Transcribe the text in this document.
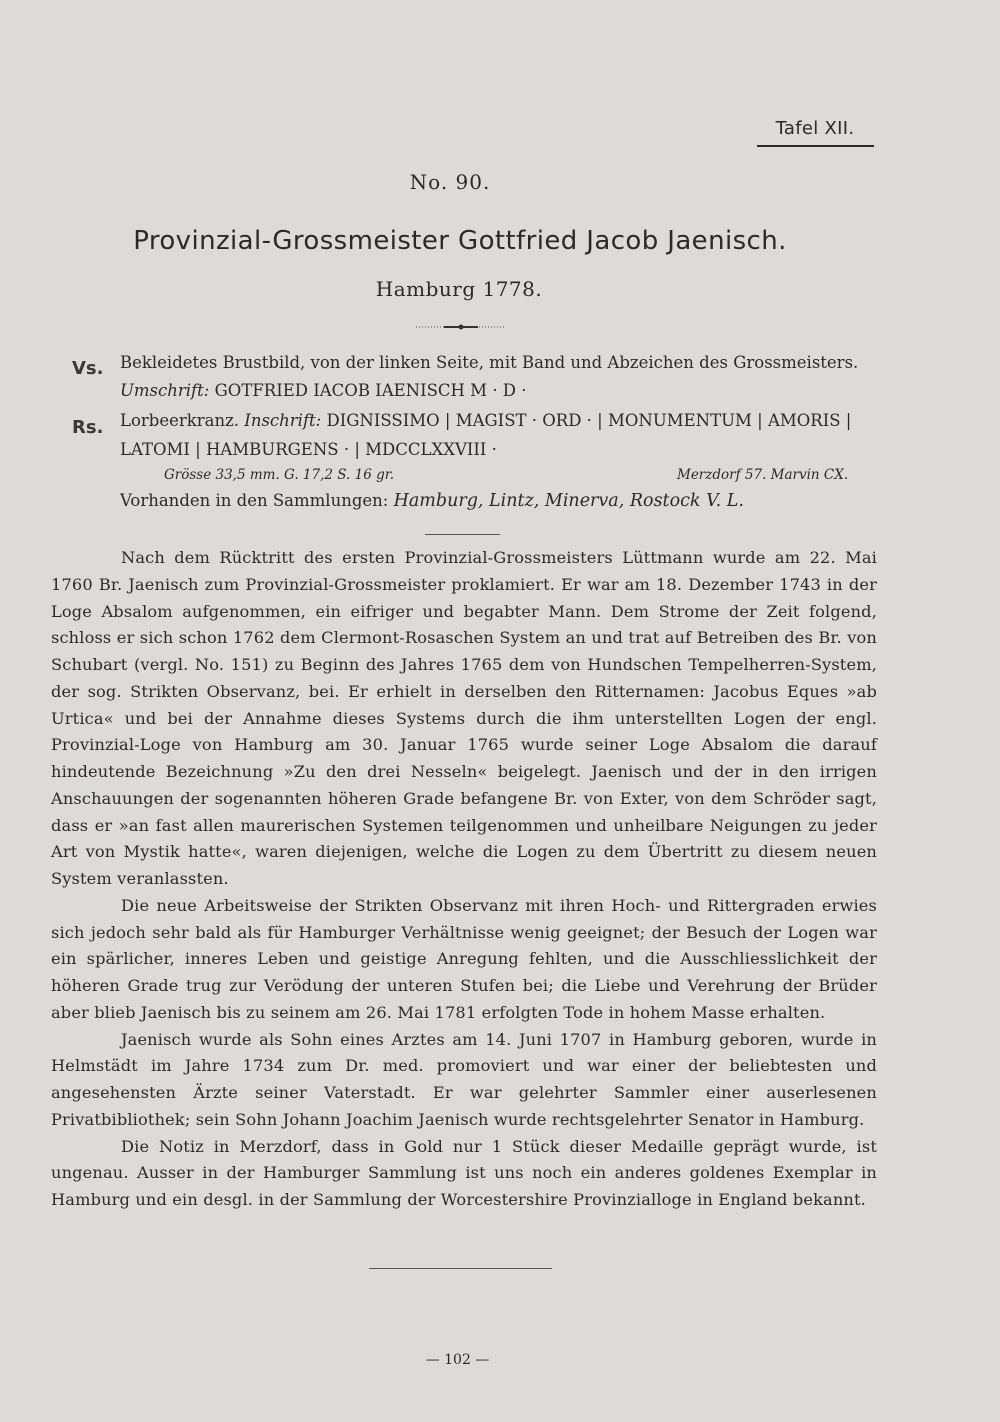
Tafel XII.
No. 90.
Provinzial-Grossmeister Gottfried Jacob Jaenisch.
Hamburg 1778.
Vs. Bekleidetes Brustbild, von der linken Seite, mit Band und Abzeichen des Grossmeisters.
Umschrift: GOTFRIED IACOB IAENISCH M · D ·
Rs. Lorbeerkranz. Inschrift: DIGNISSIMO | MAGIST · ORD · | MONUMENTUM | AMORIS |
LATOMI | HAMBURGENS · | MDCCLXXVIII ·
Grösse 33,5 mm. G. 17,2 S. 16 gr.	Merzdorf 57. Marvin CX.
Vorhanden in den Sammlungen: Hamburg, Lintz, Minerva, Rostock V. L.

Nach dem Rücktritt des ersten Provinzial-Grossmeisters Lüttmann wurde am 22. Mai 1760 Br. Jaenisch zum Provinzial-Grossmeister proklamiert. Er war am 18. Dezember 1743 in der Loge Absalom aufgenommen, ein eifriger und begabter Mann. Dem Strome der Zeit folgend, schloss er sich schon 1762 dem Clermont-Rosaschen System an und trat auf Betreiben des Br. von Schubart (vergl. No. 151) zu Beginn des Jahres 1765 dem von Hundschen Tempelherren-System, der sog. Strikten Observanz, bei. Er erhielt in derselben den Ritternamen: Jacobus Eques »ab Urtica« und bei der Annahme dieses Systems durch die ihm unterstellten Logen der engl. Provinzial-Loge von Hamburg am 30. Januar 1765 wurde seiner Loge Absalom die darauf hindeutende Bezeichnung »Zu den drei Nesseln« beigelegt. Jaenisch und der in den irrigen Anschauungen der sogenannten höheren Grade befangene Br. von Exter, von dem Schröder sagt, dass er »an fast allen maurerischen Systemen teilgenommen und unheilbare Neigungen zu jeder Art von Mystik hatte«, waren diejenigen, welche die Logen zu dem Übertritt zu diesem neuen System veranlassten.

Die neue Arbeitsweise der Strikten Observanz mit ihren Hoch- und Rittergraden erwies sich jedoch sehr bald als für Hamburger Verhältnisse wenig geeignet; der Besuch der Logen war ein spärlicher, inneres Leben und geistige Anregung fehlten, und die Ausschliesslichkeit der höheren Grade trug zur Verödung der unteren Stufen bei; die Liebe und Verehrung der Brüder aber blieb Jaenisch bis zu seinem am 26. Mai 1781 erfolgten Tode in hohem Masse erhalten.

Jaenisch wurde als Sohn eines Arztes am 14. Juni 1707 in Hamburg geboren, wurde in Helmstädt im Jahre 1734 zum Dr. med. promoviert und war einer der beliebtesten und angesehensten Ärzte seiner Vaterstadt. Er war gelehrter Sammler einer auserlesenen Privatbibliothek; sein Sohn Johann Joachim Jaenisch wurde rechtsgelehrter Senator in Hamburg.

Die Notiz in Merzdorf, dass in Gold nur 1 Stück dieser Medaille geprägt wurde, ist ungenau. Ausser in der Hamburger Sammlung ist uns noch ein anderes goldenes Exemplar in Hamburg und ein desgl. in der Sammlung der Worcestershire Provinzialloge in England bekannt.

— 102 —
